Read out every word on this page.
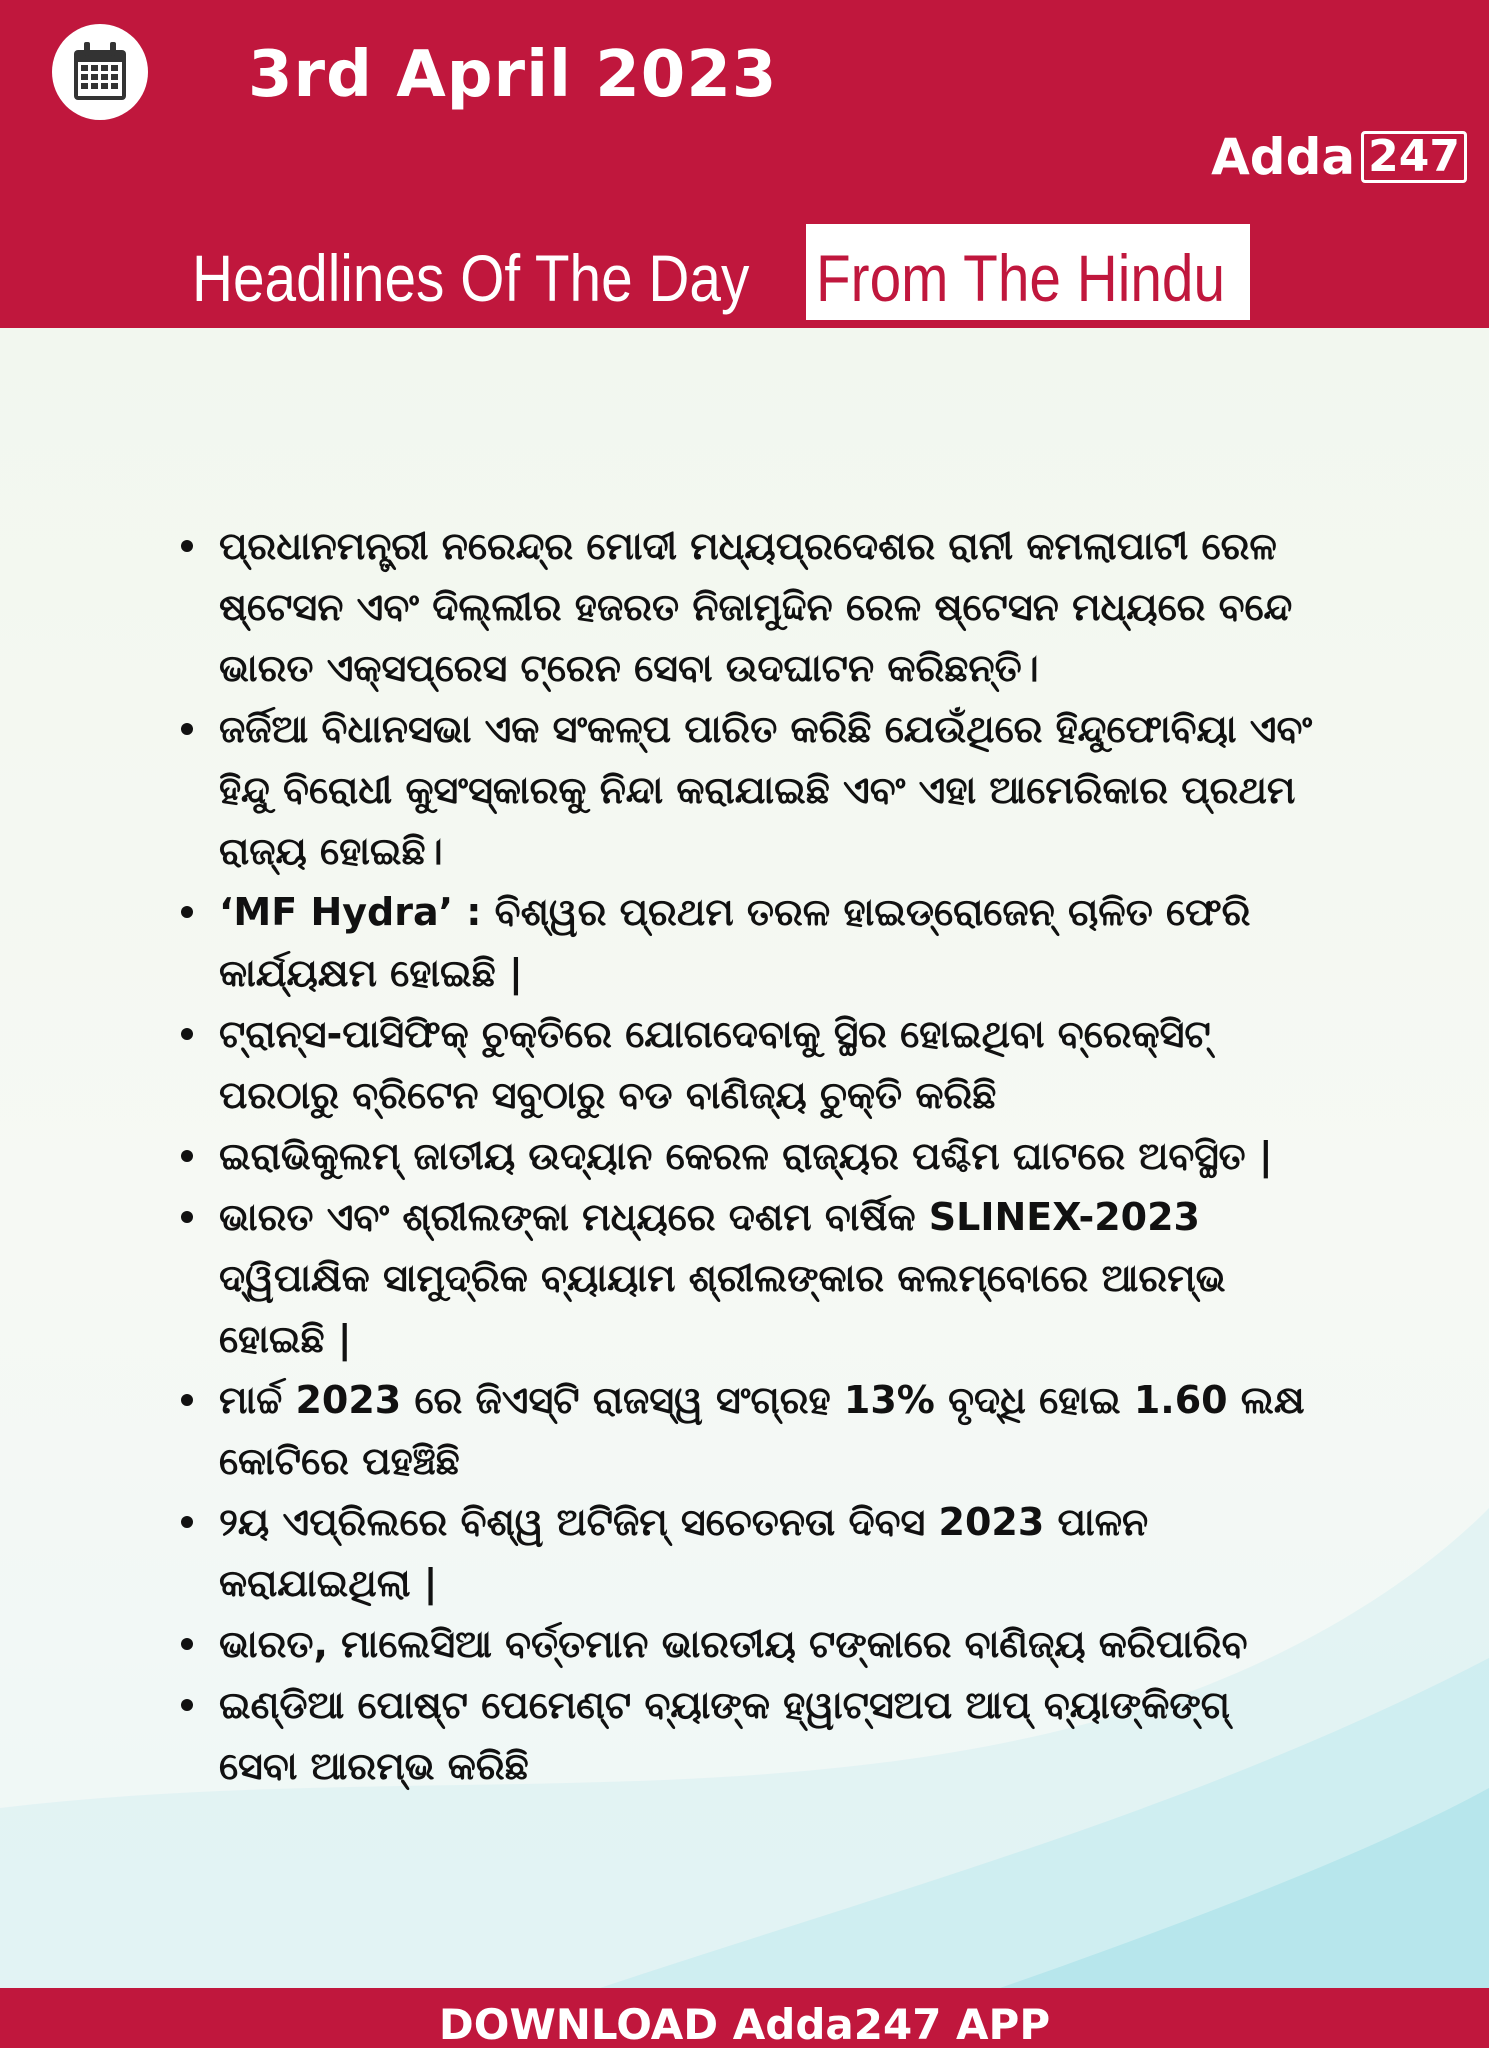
3rd April 2023
Adda 247
Headlines Of The Day From The Hindu
ପ୍ରଧାନମନ୍ତ୍ରୀ ନରେନ୍ଦ୍ର ମୋଦୀ ମଧ୍ୟପ୍ରଦେଶର ରାନୀ କମଲାପାଟୀ ରେଳ ଷ୍ଟେସନ ଏବଂ ଦିଲ୍ଲୀର ହଜରତ ନିଜାମୁଦ୍ଦିନ ରେଳ ଷ୍ଟେସନ ମଧ୍ୟରେ ବନ୍ଦେ ଭାରତ ଏକ୍ସପ୍ରେସ ଟ୍ରେନ ସେବା ଉଦଘାଟନ କରିଛନ୍ତି।
ଜର୍ଜିଆ ବିଧାନସଭା ଏକ ସଂକଳ୍ପ ପାରିତ କରିଛି ଯେଉଁଥିରେ ହିନ୍ଦୁଫୋବିୟା ଏବଂ ହିନ୍ଦୁ ବିରୋଧୀ କୁସଂସ୍କାରକୁ ନିନ୍ଦା କରାଯାଇଛି ଏବଂ ଏହା ଆମେରିକାର ପ୍ରଥମ ରାଜ୍ୟ ହୋଇଛି।
‘MF Hydra’ : ବିଶ୍ୱର ପ୍ରଥମ ତରଳ ହାଇଡ୍ରୋଜେନ୍ ଚାଳିତ ଫେରି କାର୍ଯ୍ୟକ୍ଷମ ହୋଇଛି |
ଟ୍ରାନ୍ସ-ପାସିଫିକ୍ ଚୁକ୍ତିରେ ଯୋଗଦେବାକୁ ସ୍ଥିର ହୋଇଥିବା ବ୍ରେକ୍ସିଟ୍ ପରଠାରୁ ବ୍ରିଟେନ ସବୁଠାରୁ ବଡ ବାଣିଜ୍ୟ ଚୁକ୍ତି କରିଛି
ଇରାଭିକୁଲମ୍ ଜାତୀୟ ଉଦ୍ୟାନ କେରଳ ରାଜ୍ୟର ପଶ୍ଚିମ ଘାଟରେ ଅବସ୍ଥିତ |
ଭାରତ ଏବଂ ଶ୍ରୀଲଙ୍କା ମଧ୍ୟରେ ଦଶମ ବାର୍ଷିକ SLINEX-2023 ଦ୍ୱିପାକ୍ଷିକ ସାମୁଦ୍ରିକ ବ୍ୟାୟାମ ଶ୍ରୀଲଙ୍କାର କଲମ୍ବୋରେ ଆରମ୍ଭ ହୋଇଛି |
ମାର୍ଚ୍ଚ 2023 ରେ ଜିଏସ୍ଟି ରାଜସ୍ୱ ସଂଗ୍ରହ 13% ବୃଦ୍ଧି ହୋଇ 1.60 ଲକ୍ଷ କୋଟିରେ ପହଞ୍ଚିଛି
୨ୟ ଏପ୍ରିଲରେ ବିଶ୍ୱ ଅଟିଜିମ୍ ସଚେତନତା ଦିବସ 2023 ପାଳନ କରାଯାଇଥିଲା |
ଭାରତ, ମାଲେସିଆ ବର୍ତ୍ତମାନ ଭାରତୀୟ ଟଙ୍କାରେ ବାଣିଜ୍ୟ କରିପାରିବ
ଇଣ୍ଡିଆ ପୋଷ୍ଟ ପେମେଣ୍ଟ ବ୍ୟାଙ୍କ ହ୍ୱାଟ୍ସଅପ ଆପ୍ ବ୍ୟାଙ୍କିଙ୍ଗ୍ ସେବା ଆରମ୍ଭ କରିଛି
DOWNLOAD Adda247 APP
